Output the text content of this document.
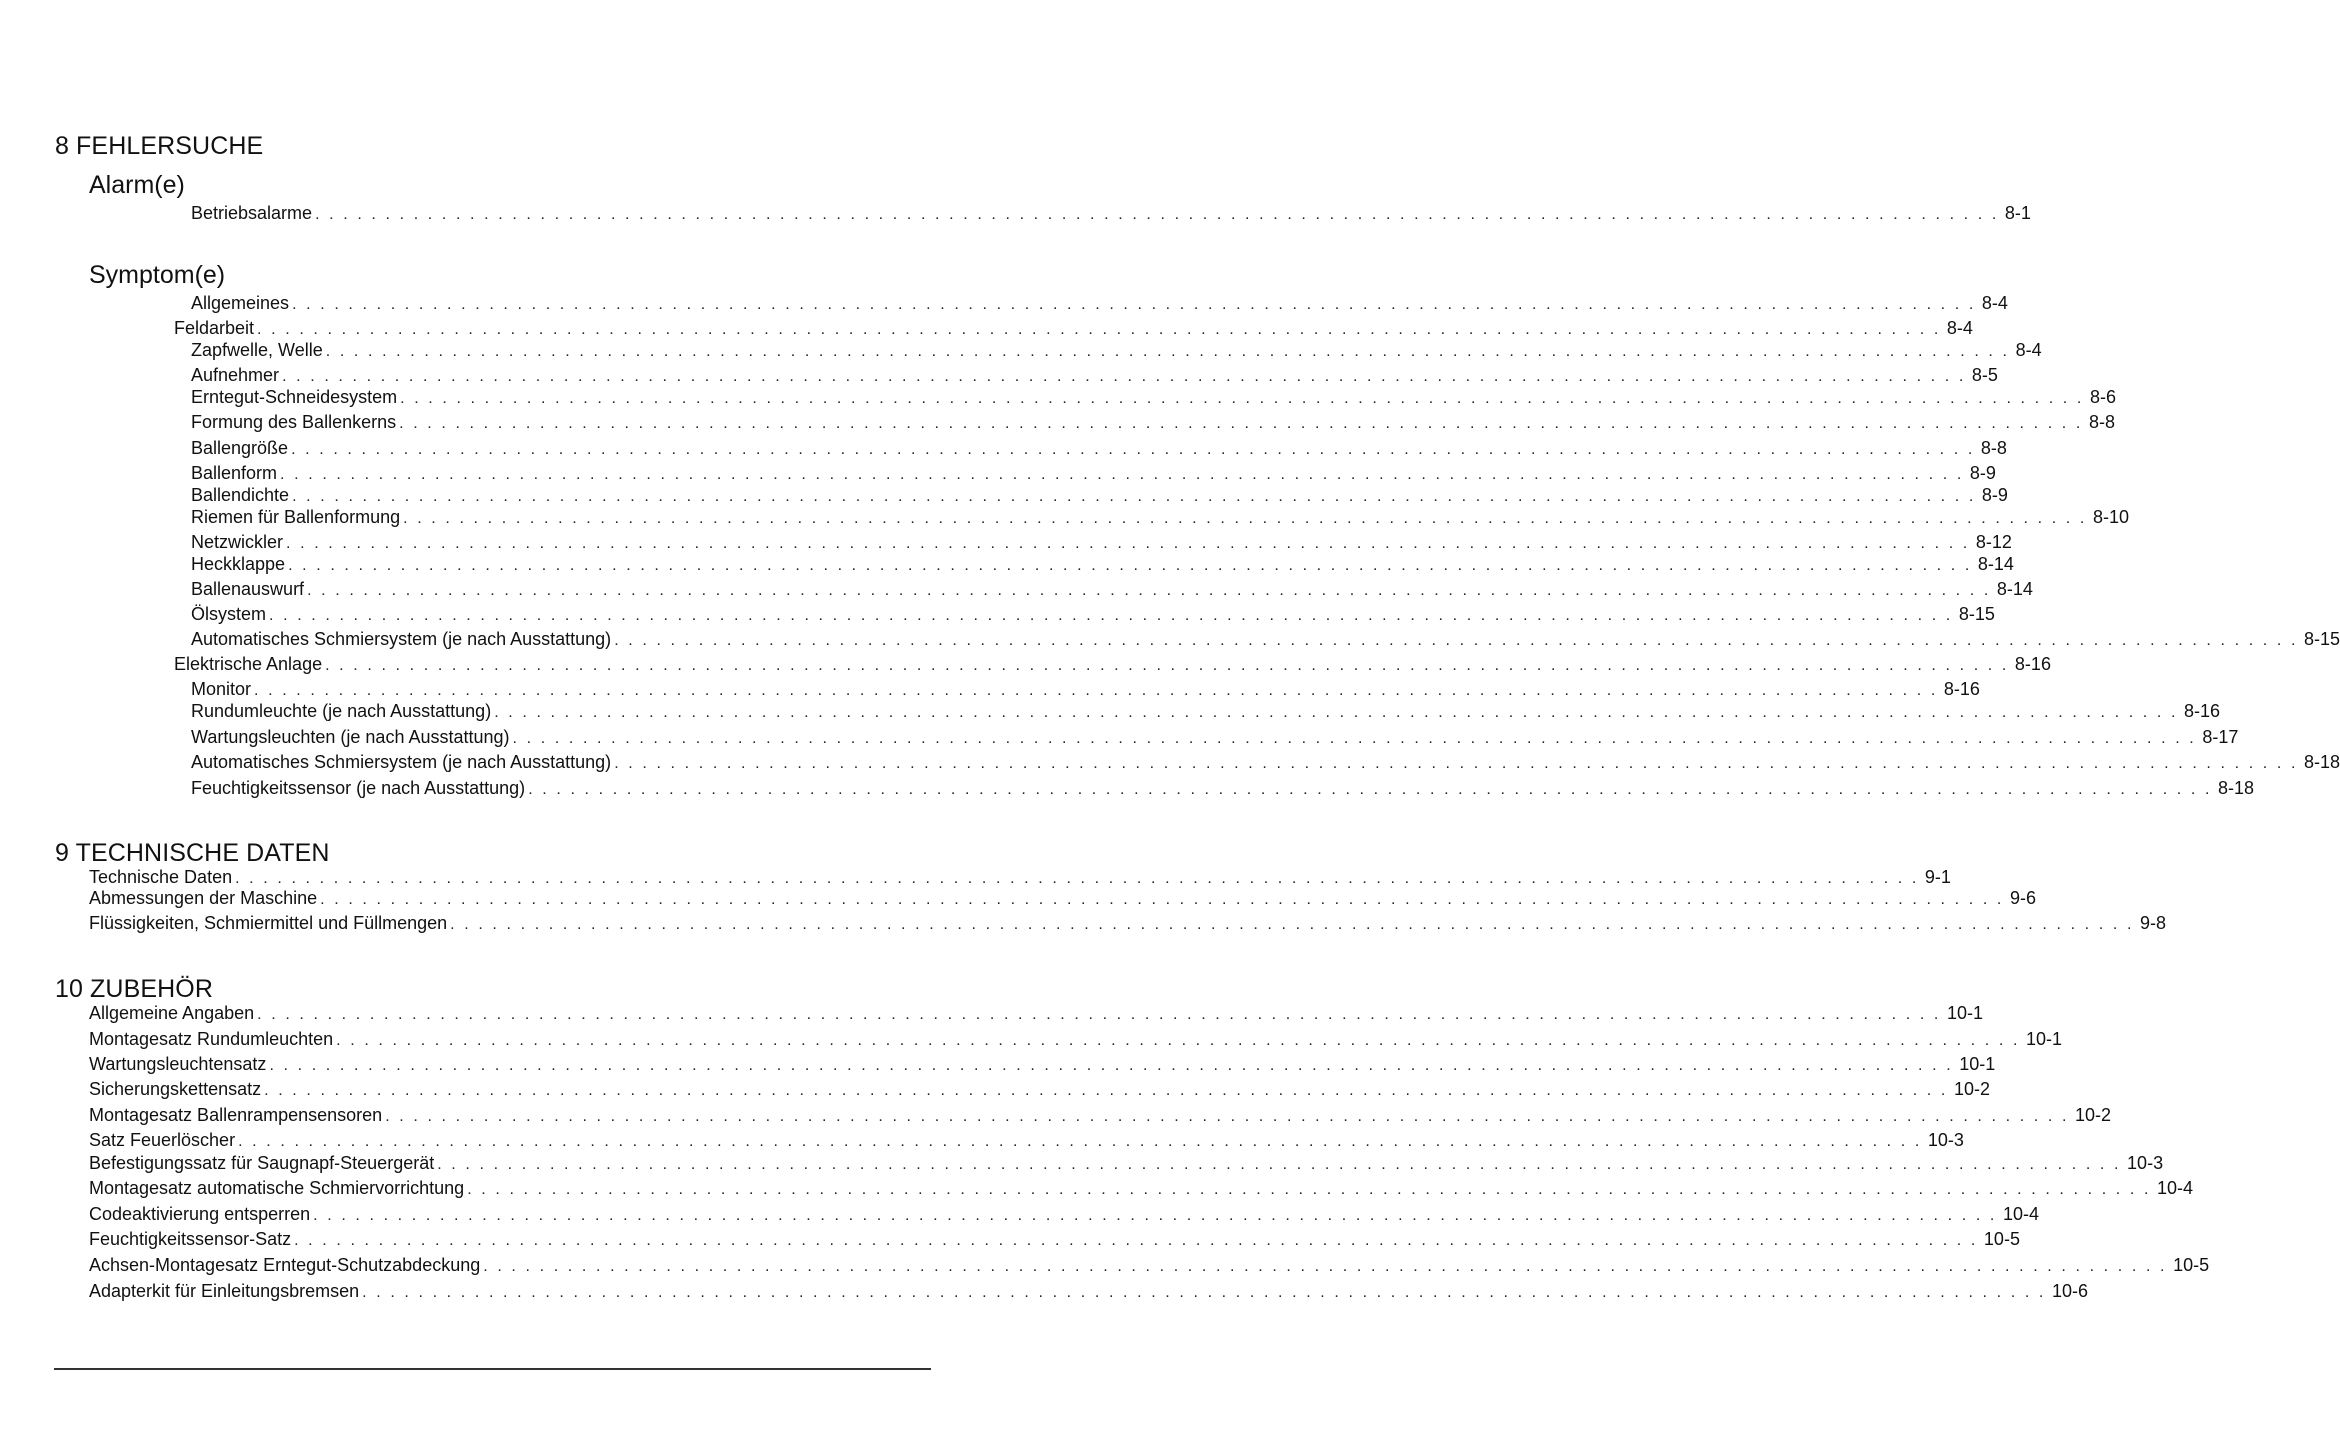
8 FEHLERSUCHE
Alarm(e)
Betriebsalarme . . . . . . . . . . . . . . . . . . . . . . . . . . . . . . . . . . . . . . . . . . . . . . . . . . . . . . . . . . . . . . . . . . . . . . . . . . . . . . . . . . . . . . . . . . . . . . . . . . . . . . . . . . . . . . . . . . . . . . . . 8-1
Symptom(e)
Allgemeines . . . . . . . . . . . . . . . . . . . . . . . . . . . . . . . . . . . . . . . . . . . . . . . . . . . . . . . . . . . . . . . . . . . . . . . . . . . . . . . . . . . . . . . . . . . . . . . . . . . . . . . . . . . . . . . . . . . . . . . . 8-4
Feldarbeit . . . . . . . . . . . . . . . . . . . . . . . . . . . . . . . . . . . . . . . . . . . . . . . . . . . . . . . . . . . . . . . . . . . . . . . . . . . . . . . . . . . . . . . . . . . . . . . . . . . . . . . . . . . . . . . . . . . . . . . . 8-4
Zapfwelle, Welle . . . . . . . . . . . . . . . . . . . . . . . . . . . . . . . . . . . . . . . . . . . . . . . . . . . . . . . . . . . . . . . . . . . . . . . . . . . . . . . . . . . . . . . . . . . . . . . . . . . . . . . . . . . . . . . . . . . . . . . . 8-4
Aufnehmer . . . . . . . . . . . . . . . . . . . . . . . . . . . . . . . . . . . . . . . . . . . . . . . . . . . . . . . . . . . . . . . . . . . . . . . . . . . . . . . . . . . . . . . . . . . . . . . . . . . . . . . . . . . . . . . . . . . . . . . . 8-5
Erntegut-Schneidesystem . . . . . . . . . . . . . . . . . . . . . . . . . . . . . . . . . . . . . . . . . . . . . . . . . . . . . . . . . . . . . . . . . . . . . . . . . . . . . . . . . . . . . . . . . . . . . . . . . . . . . . . . . . . . . . . . . . . . . . . . 8-6
Formung des Ballenkerns . . . . . . . . . . . . . . . . . . . . . . . . . . . . . . . . . . . . . . . . . . . . . . . . . . . . . . . . . . . . . . . . . . . . . . . . . . . . . . . . . . . . . . . . . . . . . . . . . . . . . . . . . . . . . . . . . . . . . . . . 8-8
Ballengröße . . . . . . . . . . . . . . . . . . . . . . . . . . . . . . . . . . . . . . . . . . . . . . . . . . . . . . . . . . . . . . . . . . . . . . . . . . . . . . . . . . . . . . . . . . . . . . . . . . . . . . . . . . . . . . . . . . . . . . . . 8-8
Ballenform . . . . . . . . . . . . . . . . . . . . . . . . . . . . . . . . . . . . . . . . . . . . . . . . . . . . . . . . . . . . . . . . . . . . . . . . . . . . . . . . . . . . . . . . . . . . . . . . . . . . . . . . . . . . . . . . . . . . . . . . 8-9
Ballendichte . . . . . . . . . . . . . . . . . . . . . . . . . . . . . . . . . . . . . . . . . . . . . . . . . . . . . . . . . . . . . . . . . . . . . . . . . . . . . . . . . . . . . . . . . . . . . . . . . . . . . . . . . . . . . . . . . . . . . . . . 8-9
Riemen für Ballenformung . . . . . . . . . . . . . . . . . . . . . . . . . . . . . . . . . . . . . . . . . . . . . . . . . . . . . . . . . . . . . . . . . . . . . . . . . . . . . . . . . . . . . . . . . . . . . . . . . . . . . . . . . . . . . . . . . . . . . . . . 8-10
Netzwickler . . . . . . . . . . . . . . . . . . . . . . . . . . . . . . . . . . . . . . . . . . . . . . . . . . . . . . . . . . . . . . . . . . . . . . . . . . . . . . . . . . . . . . . . . . . . . . . . . . . . . . . . . . . . . . . . . . . . . . . . 8-12
Heckklappe . . . . . . . . . . . . . . . . . . . . . . . . . . . . . . . . . . . . . . . . . . . . . . . . . . . . . . . . . . . . . . . . . . . . . . . . . . . . . . . . . . . . . . . . . . . . . . . . . . . . . . . . . . . . . . . . . . . . . . . . 8-14
Ballenauswurf . . . . . . . . . . . . . . . . . . . . . . . . . . . . . . . . . . . . . . . . . . . . . . . . . . . . . . . . . . . . . . . . . . . . . . . . . . . . . . . . . . . . . . . . . . . . . . . . . . . . . . . . . . . . . . . . . . . . . . . . 8-14
Ölsystem . . . . . . . . . . . . . . . . . . . . . . . . . . . . . . . . . . . . . . . . . . . . . . . . . . . . . . . . . . . . . . . . . . . . . . . . . . . . . . . . . . . . . . . . . . . . . . . . . . . . . . . . . . . . . . . . . . . . . . . . 8-15
Automatisches Schmiersystem (je nach Ausstattung) . . . . . . . . . . . . . . . . . . . . . . . . . . . . . . . . . . . . . . . . . . . . . . . . . . . . . . . . . . . . . . . . . . . . . . . . . . . . . . . . . . . . . . . . . . . . . . . . . . . . . . . . . . . . . . . . . . . . . . . . 8-15
Elektrische Anlage . . . . . . . . . . . . . . . . . . . . . . . . . . . . . . . . . . . . . . . . . . . . . . . . . . . . . . . . . . . . . . . . . . . . . . . . . . . . . . . . . . . . . . . . . . . . . . . . . . . . . . . . . . . . . . . . . . . . . . . . 8-16
Monitor . . . . . . . . . . . . . . . . . . . . . . . . . . . . . . . . . . . . . . . . . . . . . . . . . . . . . . . . . . . . . . . . . . . . . . . . . . . . . . . . . . . . . . . . . . . . . . . . . . . . . . . . . . . . . . . . . . . . . . . . 8-16
Rundumleuchte (je nach Ausstattung) . . . . . . . . . . . . . . . . . . . . . . . . . . . . . . . . . . . . . . . . . . . . . . . . . . . . . . . . . . . . . . . . . . . . . . . . . . . . . . . . . . . . . . . . . . . . . . . . . . . . . . . . . . . . . . . . . . . . . . . . 8-16
Wartungsleuchten (je nach Ausstattung) . . . . . . . . . . . . . . . . . . . . . . . . . . . . . . . . . . . . . . . . . . . . . . . . . . . . . . . . . . . . . . . . . . . . . . . . . . . . . . . . . . . . . . . . . . . . . . . . . . . . . . . . . . . . . . . . . . . . . . . . 8-17
Automatisches Schmiersystem (je nach Ausstattung) . . . . . . . . . . . . . . . . . . . . . . . . . . . . . . . . . . . . . . . . . . . . . . . . . . . . . . . . . . . . . . . . . . . . . . . . . . . . . . . . . . . . . . . . . . . . . . . . . . . . . . . . . . . . . . . . . . . . . . . . 8-18
Feuchtigkeitssensor (je nach Ausstattung) . . . . . . . . . . . . . . . . . . . . . . . . . . . . . . . . . . . . . . . . . . . . . . . . . . . . . . . . . . . . . . . . . . . . . . . . . . . . . . . . . . . . . . . . . . . . . . . . . . . . . . . . . . . . . . . . . . . . . . . . 8-18
9 TECHNISCHE DATEN
Technische Daten . . . . . . . . . . . . . . . . . . . . . . . . . . . . . . . . . . . . . . . . . . . . . . . . . . . . . . . . . . . . . . . . . . . . . . . . . . . . . . . . . . . . . . . . . . . . . . . . . . . . . . . . . . . . . . . . . . . . . . . . 9-1
Abmessungen der Maschine . . . . . . . . . . . . . . . . . . . . . . . . . . . . . . . . . . . . . . . . . . . . . . . . . . . . . . . . . . . . . . . . . . . . . . . . . . . . . . . . . . . . . . . . . . . . . . . . . . . . . . . . . . . . . . . . . . . . . . . . 9-6
Flüssigkeiten, Schmiermittel und Füllmengen . . . . . . . . . . . . . . . . . . . . . . . . . . . . . . . . . . . . . . . . . . . . . . . . . . . . . . . . . . . . . . . . . . . . . . . . . . . . . . . . . . . . . . . . . . . . . . . . . . . . . . . . . . . . . . . . . . . . . . . . 9-8
10 ZUBEHÖR
Allgemeine Angaben . . . . . . . . . . . . . . . . . . . . . . . . . . . . . . . . . . . . . . . . . . . . . . . . . . . . . . . . . . . . . . . . . . . . . . . . . . . . . . . . . . . . . . . . . . . . . . . . . . . . . . . . . . . . . . . . . . . . . . . . 10-1
Montagesatz Rundumleuchten . . . . . . . . . . . . . . . . . . . . . . . . . . . . . . . . . . . . . . . . . . . . . . . . . . . . . . . . . . . . . . . . . . . . . . . . . . . . . . . . . . . . . . . . . . . . . . . . . . . . . . . . . . . . . . . . . . . . . . . . 10-1
Wartungsleuchtensatz . . . . . . . . . . . . . . . . . . . . . . . . . . . . . . . . . . . . . . . . . . . . . . . . . . . . . . . . . . . . . . . . . . . . . . . . . . . . . . . . . . . . . . . . . . . . . . . . . . . . . . . . . . . . . . . . . . . . . . . . 10-1
Sicherungskettensatz . . . . . . . . . . . . . . . . . . . . . . . . . . . . . . . . . . . . . . . . . . . . . . . . . . . . . . . . . . . . . . . . . . . . . . . . . . . . . . . . . . . . . . . . . . . . . . . . . . . . . . . . . . . . . . . . . . . . . . . . 10-2
Montagesatz Ballenrampensensoren . . . . . . . . . . . . . . . . . . . . . . . . . . . . . . . . . . . . . . . . . . . . . . . . . . . . . . . . . . . . . . . . . . . . . . . . . . . . . . . . . . . . . . . . . . . . . . . . . . . . . . . . . . . . . . . . . . . . . . . . 10-2
Satz Feuerlöscher . . . . . . . . . . . . . . . . . . . . . . . . . . . . . . . . . . . . . . . . . . . . . . . . . . . . . . . . . . . . . . . . . . . . . . . . . . . . . . . . . . . . . . . . . . . . . . . . . . . . . . . . . . . . . . . . . . . . . . . . 10-3
Befestigungssatz für Saugnapf-Steuergerät . . . . . . . . . . . . . . . . . . . . . . . . . . . . . . . . . . . . . . . . . . . . . . . . . . . . . . . . . . . . . . . . . . . . . . . . . . . . . . . . . . . . . . . . . . . . . . . . . . . . . . . . . . . . . . . . . . . . . . . . 10-3
Montagesatz automatische Schmiervorrichtung . . . . . . . . . . . . . . . . . . . . . . . . . . . . . . . . . . . . . . . . . . . . . . . . . . . . . . . . . . . . . . . . . . . . . . . . . . . . . . . . . . . . . . . . . . . . . . . . . . . . . . . . . . . . . . . . . . . . . . . . 10-4
Codeaktivierung entsperren . . . . . . . . . . . . . . . . . . . . . . . . . . . . . . . . . . . . . . . . . . . . . . . . . . . . . . . . . . . . . . . . . . . . . . . . . . . . . . . . . . . . . . . . . . . . . . . . . . . . . . . . . . . . . . . . . . . . . . . . 10-4
Feuchtigkeitssensor-Satz . . . . . . . . . . . . . . . . . . . . . . . . . . . . . . . . . . . . . . . . . . . . . . . . . . . . . . . . . . . . . . . . . . . . . . . . . . . . . . . . . . . . . . . . . . . . . . . . . . . . . . . . . . . . . . . . . . . . . . . . 10-5
Achsen-Montagesatz Erntegut-Schutzabdeckung . . . . . . . . . . . . . . . . . . . . . . . . . . . . . . . . . . . . . . . . . . . . . . . . . . . . . . . . . . . . . . . . . . . . . . . . . . . . . . . . . . . . . . . . . . . . . . . . . . . . . . . . . . . . . . . . . . . . . . . . 10-5
Adapterkit für Einleitungsbremsen . . . . . . . . . . . . . . . . . . . . . . . . . . . . . . . . . . . . . . . . . . . . . . . . . . . . . . . . . . . . . . . . . . . . . . . . . . . . . . . . . . . . . . . . . . . . . . . . . . . . . . . . . . . . . . . . . . . . . . . . 10-6
